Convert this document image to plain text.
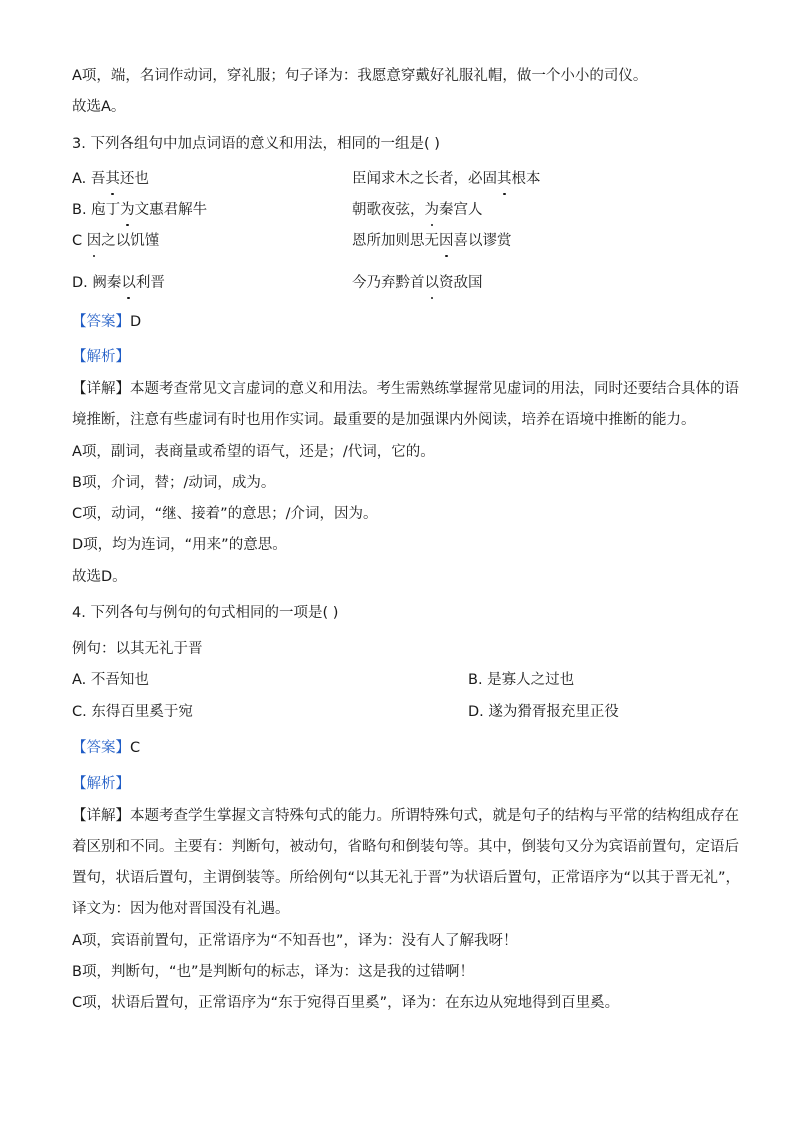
A项，端，名词作动词，穿礼服；句子译为：我愿意穿戴好礼服礼帽，做一个小小的司仪。

故选A。

3. 下列各组句中加点词语的意义和用法，相同的一组是( )

A. 吾其还也	臣闻求木之长者，必固其根本
B. 庖丁为文惠君解牛	朝歌夜弦，为秦宫人
C 因之以饥馑	恩所加则思无因喜以谬赏
D. 阙秦以利晋	今乃弃黔首以资敌国
【答案】D
【解析】
【详解】本题考查常见文言虚词的意义和用法。考生需熟练掌握常见虚词的用法，同时还要结合具体的语

境推断，注意有些虚词有时也用作实词。最重要的是加强课内外阅读，培养在语境中推断的能力。

A项，副词，表商量或希望的语气，还是；/代词，它的。

B项，介词，替；/动词，成为。

C项，动词，“继、接着”的意思；/介词，因为。

D项，均为连词，“用来”的意思。

故选D。

4. 下列各句与例句的句式相同的一项是( )

例句：以其无礼于晋

A. 不吾知也	B. 是寡人之过也
C. 东得百里奚于宛	D. 遂为猾胥报充里正役
【答案】C
【解析】
【详解】本题考查学生掌握文言特殊句式的能力。所谓特殊句式，就是句子的结构与平常的结构组成存在

着区别和不同。主要有：判断句，被动句，省略句和倒装句等。其中，倒装句又分为宾语前置句，定语后

置句，状语后置句，主谓倒装等。所给例句“以其无礼于晋”为状语后置句，正常语序为“以其于晋无礼”，

译文为：因为他对晋国没有礼遇。

A项，宾语前置句，正常语序为“不知吾也”，译为：没有人了解我呀！

B项，判断句，“也”是判断句的标志，译为：这是我的过错啊！

C项，状语后置句，正常语序为“东于宛得百里奚”，译为：在东边从宛地得到百里奚。
